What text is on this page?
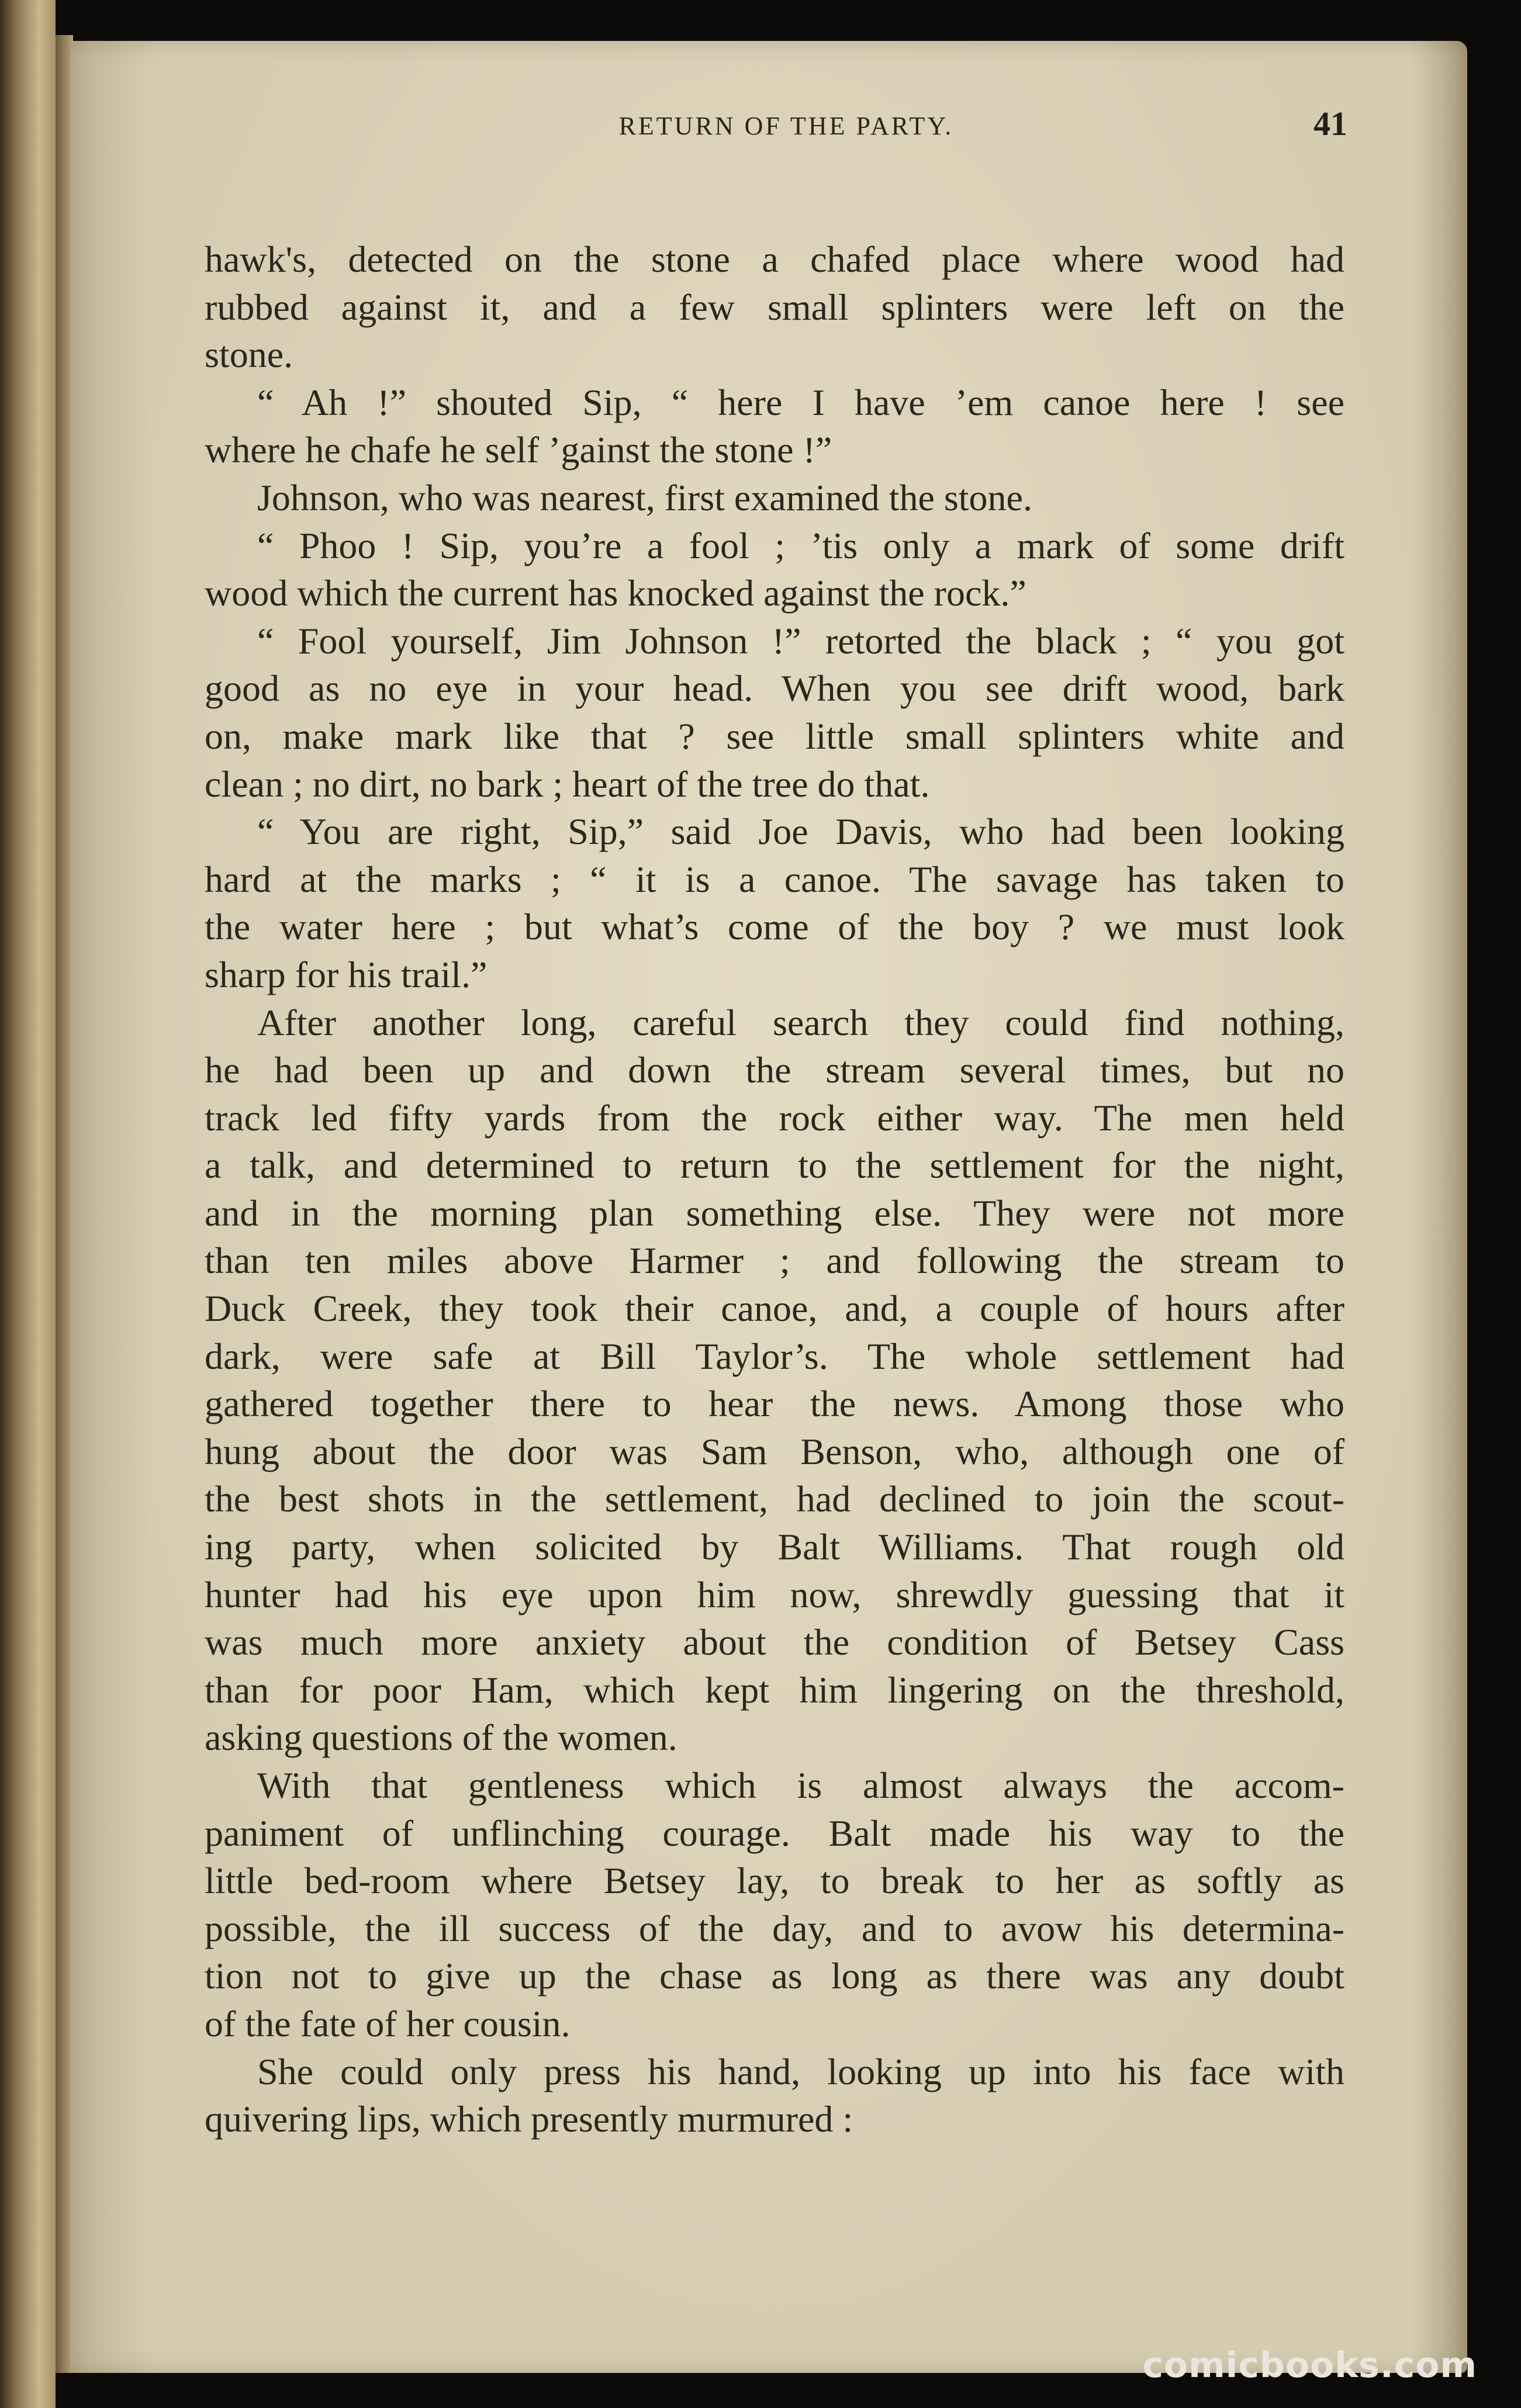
RETURN OF THE PARTY.	41
hawk's, detected on the stone a chafed place where wood had
rubbed against it, and a few small splinters were left on the
stone.
“ Ah !” shouted Sip, “ here I have ’em canoe here ! see
where he chafe he self ’gainst the stone !”
Johnson, who was nearest, first examined the stone.
“ Phoo ! Sip, you’re a fool ; ’tis only a mark of some drift
wood which the current has knocked against the rock.”
“ Fool yourself, Jim Johnson !” retorted the black ; “ you got
good as no eye in your head. When you see drift wood, bark
on, make mark like that ? see little small splinters white and
clean ; no dirt, no bark ; heart of the tree do that.
“ You are right, Sip,” said Joe Davis, who had been looking
hard at the marks ; “ it is a canoe. The savage has taken to
the water here ; but what’s come of the boy ? we must look
sharp for his trail.”
After another long, careful search they could find nothing,
he had been up and down the stream several times, but no
track led fifty yards from the rock either way. The men held
a talk, and determined to return to the settlement for the night,
and in the morning plan something else. They were not more
than ten miles above Harmer ; and following the stream to
Duck Creek, they took their canoe, and, a couple of hours after
dark, were safe at Bill Taylor’s. The whole settlement had
gathered together there to hear the news. Among those who
hung about the door was Sam Benson, who, although one of
the best shots in the settlement, had declined to join the scout-
ing party, when solicited by Balt Williams. That rough old
hunter had his eye upon him now, shrewdly guessing that it
was much more anxiety about the condition of Betsey Cass
than for poor Ham, which kept him lingering on the threshold,
asking questions of the women.
With that gentleness which is almost always the accom-
paniment of unflinching courage. Balt made his way to the
little bed-room where Betsey lay, to break to her as softly as
possible, the ill success of the day, and to avow his determina-
tion not to give up the chase as long as there was any doubt
of the fate of her cousin.
She could only press his hand, looking up into his face with
quivering lips, which presently murmured :
comicbooks.com
